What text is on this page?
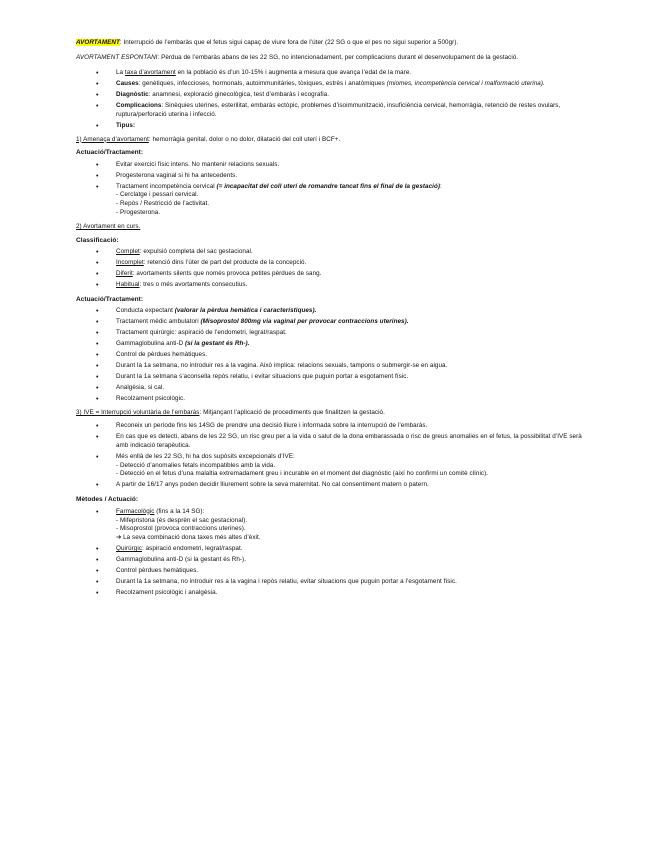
AVORTAMENT: Interrupció de l’embaràs que el fetus sigui capaç de viure fora de l’úter (22 SG o que el pes no sigui superior a 500gr).

AVORTAMENT ESPONTANI: Pèrdua de l’embaràs abans de les 22 SG, no intencionadament, per complicacions durant el desenvolupament de la gestació.

• La taxa d’avortament en la població és d’un 10-15% i augmenta a mesura que avança l’edat de la mare.
• Causes: genètiques, infeccioses, hormonals, autoimmunitàries, tòxiques, estrès i anatòmiques (miomes, incompetència cervical i malformació uterina).
• Diagnòstic: anamnesi, exploració ginecològica, test d’embaràs i ecografia.
• Complicacions: Sinèquies uterines, esterilitat, embaràs ectòpic, problemes d’isoimmunització, insuficiència cervical, hemorràgia, retenció de restes ovulars, ruptura/perforació uterina i infecció.
• Tipus:

1) Amenaça d’avortament: hemorràgia genital, dolor o no dolor, dilatació del coll uterí i BCF+.

Actuació/Tractament:
• Evitar exercici físic intens. No mantenir relacions sexuals.
• Progesterona vaginal si hi ha antecedents.
• Tractament incompetència cervical (= incapacitat del coll uterí de romandre tancat fins el final de la gestació):
- Cerclatge i pessari cervical.
- Repòs / Restricció de l’activitat.
- Progesterona.

2) Avortament en curs.

Classificació:
• Complet: expulsió completa del sac gestacional.
• Incomplet: retenció dins l’úter de part del producte de la concepció.
• Diferit: avortaments silents que només provoca petites pèrdues de sang.
• Habitual: tres o més avortaments consecutius.
Actuació/Tractament:
• Conducta expectant (valorar la pèrdua hemàtica i característiques).
• Tractament mèdic ambulatori (Misoprostol 800mg via vaginal per provocar contraccions uterines).
• Tractament quirúrgic: aspiració de l’endometri, legrat/raspat.
• Gammaglobulina anti-D (si la gestant és Rh-).
• Control de pèrdues hemàtiques.
• Durant la 1a setmana, no introduir res a la vagina. Això implica: relacions sexuals, tampons o submergir-se en aigua.
• Durant la 1a setmana s’aconsella repòs relatiu, i evitar situacions que puguin portar a esgotament físic.
• Analgèsia, si cal.
• Recolzament psicològic.

3) IVE = Interrupció voluntària de l’embaràs: Mitjançant l’aplicació de procediments que finalitzen la gestació.

• Reconeix un període fins les 14SG de prendre una decisió lliure i informada sobre la interrupció de l’embaràs.
• En cas que es detecti, abans de les 22 SG, un risc greu per a la vida o salut de la dona embarassada o risc de greus anomalies en el fetus, la possibilitat d’IVE serà amb indicació terapèutica.
• Més enllà de les 22 SG, hi ha dos supòsits excepcionals d’IVE:
- Detecció d’anomalies fetals incompatibles amb la vida.
- Detecció en el fetus d’una malaltia extremadament greu i incurable en el moment del diagnòstic (així ho confirmi un comitè clínic).
• A partir de 16/17 anys poden decidir lliurement sobre la seva maternitat. No cal consentiment matern o patern.
Mètodes / Actuació:
• Farmacològic (fins a la 14 SG):
- Mifepristona (és desprèn el sac gestacional).
- Misoprostol (provoca contraccions uterines).
➔ La seva combinació dona taxes més altes d’èxit.
• Quirúrgic: aspiració endometri, legrat/raspat.
• Gammaglobulina anti-D (si la gestant és Rh-).
• Control pèrdues hemàtiques.
• Durant la 1a setmana, no introduir res a la vagina i repòs relatiu, evitar situacions que puguin portar a l’esgotament físic.
• Recolzament psicològic i analgèsia.
